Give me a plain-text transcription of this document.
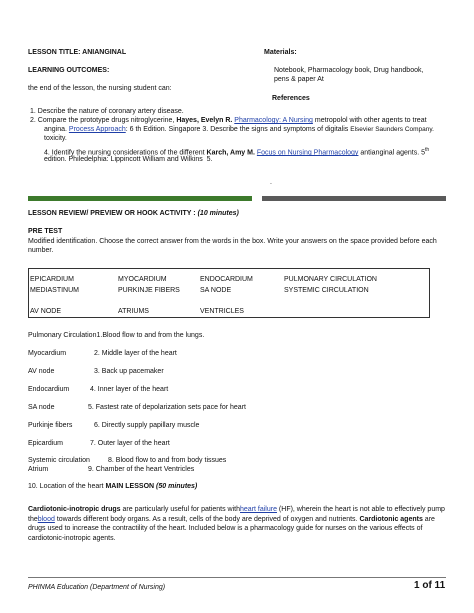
LESSON TITLE: ANIANGINAL
LEARNING OUTCOMES:
the end of the lesson, the nursing student can:
Materials:
Notebook, Pharmacology book, Drug handbook,
pens & paper At
References
1. Describe the nature of coronary artery disease.
2. Compare the prototype drugs nitroglycerine, Hayes, Evelyn R. Pharmacology: A Nursing metropolol with other agents to treat
angina. Process Approach: 6 th Edition. Singapore 3. Describe the signs and symptoms of digitalis Elsevier Saunders Company.
toxicity.
4. Identify the nursing considerations of the different Karch, Amy M. Focus on Nursing Pharmacology antianginal agents. 5th
edition. Philedelphia: Lippincott William and Wilkins 5.
.
LESSON REVIEW/ PREVIEW OR HOOK ACTIVITY : (10 minutes)
PRE TEST
Modified identification. Choose the correct answer from the words in the box. Write your answers on the space provided before each number.
EPICARDIUM	MYOCARDIUM	ENDOCARDIUM	PULMONARY CIRCULATION
MEDIASTINUM	PURKINJE FIBERS	SA NODE	SYSTEMIC CIRCULATION
AV NODE	ATRIUMS	VENTRICLES
Pulmonary Circulation1.Blood flow to and from the lungs.
Myocardium	2. Middle layer of the heart
AV node	3. Back up pacemaker
Endocardium	4. Inner layer of the heart
SA node	5. Fastest rate of depolarization sets pace for heart
Purkinje fibers	6. Directly supply papillary muscle
Epicardium	7. Outer layer of the heart
Systemic circulation	8. Blood flow to and from body tissues
Atrium	9. Chamber of the heart Ventricles
10. Location of the heart MAIN LESSON (50 minutes)
Cardiotonic-inotropic drugs are particularly useful for patients withheart failure (HF), wherein the heart is not able to effectively pump theblood towards different body organs. As a result, cells of the body are deprived of oxygen and nutrients. Cardiotonic agents are drugs used to increase the contractility of the heart. Included below is a pharmacology guide for nurses on the various effects of cardiotonic-inotropic agents.
PHINMA Education (Department of Nursing)	1 of 11
